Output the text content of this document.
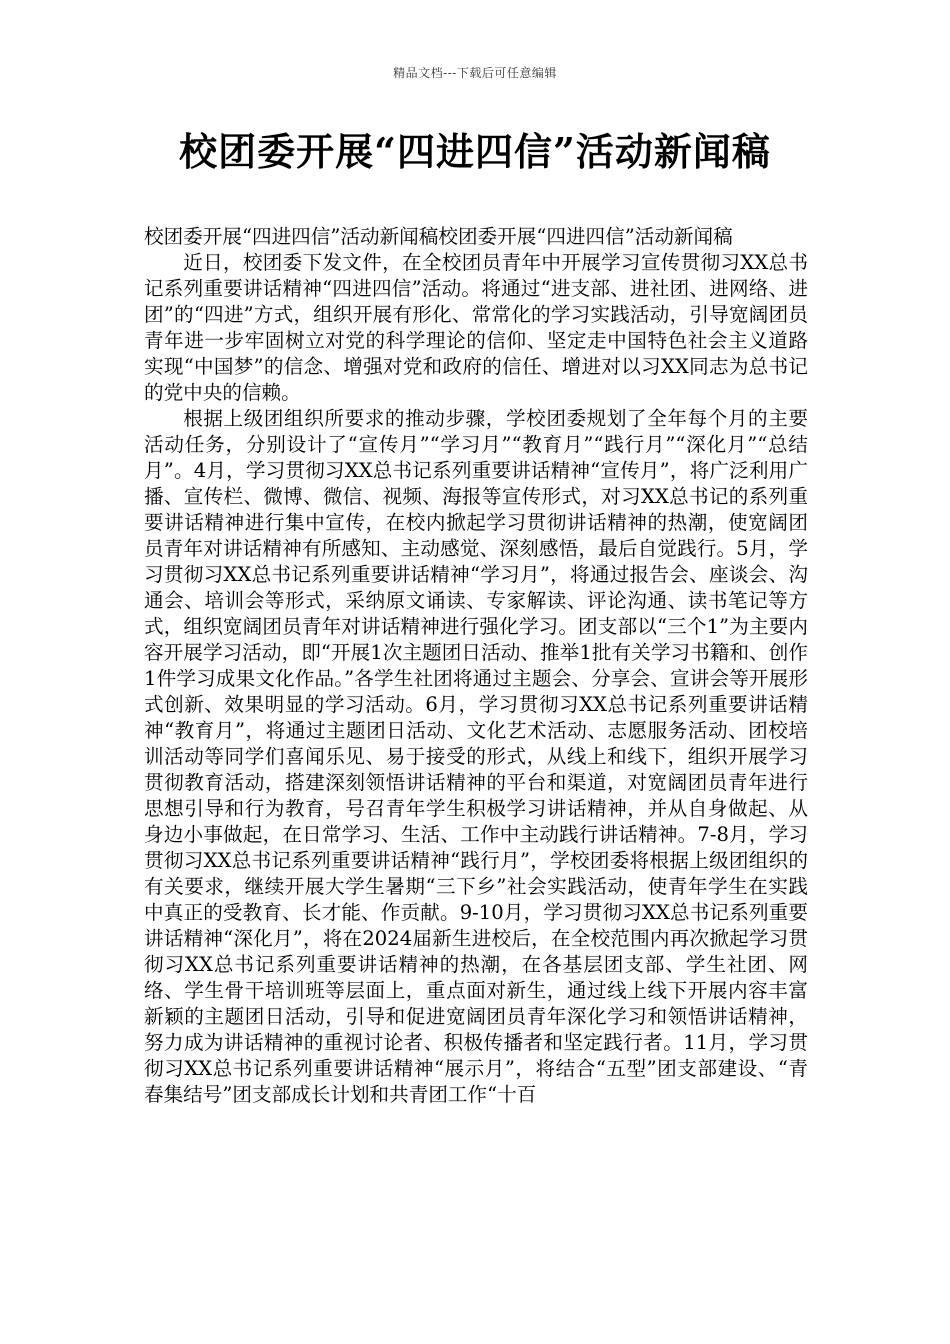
精品文档---下载后可任意编辑
校团委开展“四进四信”活动新闻稿

校团委开展“四进四信”活动新闻稿校团委开展“四进四信”活动新闻稿

近日，校团委下发文件，在全校团员青年中开展学习宣传贯彻习XX总书记系列重要讲话精神“四进四信”活动。将通过“进支部、进社团、进网络、进团”的“四进”方式，组织开展有形化、常常化的学习实践活动，引导宽阔团员青年进一步牢固树立对党的科学理论的信仰、坚定走中国特色社会主义道路实现“中国梦”的信念、增强对党和政府的信任、增进对以习XX同志为总书记的党中央的信赖。

根据上级团组织所要求的推动步骤，学校团委规划了全年每个月的主要活动任务，分别设计了“宣传月”“学习月”“教育月”“践行月”“深化月”“总结月”。4月，学习贯彻习XX总书记系列重要讲话精神“宣传月”，将广泛利用广播、宣传栏、微博、微信、视频、海报等宣传形式，对习XX总书记的系列重要讲话精神进行集中宣传，在校内掀起学习贯彻讲话精神的热潮，使宽阔团员青年对讲话精神有所感知、主动感觉、深刻感悟，最后自觉践行。5月，学习贯彻习XX总书记系列重要讲话精神“学习月”，将通过报告会、座谈会、沟通会、培训会等形式，采纳原文诵读、专家解读、评论沟通、读书笔记等方式，组织宽阔团员青年对讲话精神进行强化学习。团支部以“三个1”为主要内容开展学习活动，即“开展1次主题团日活动、推举1批有关学习书籍和、创作1件学习成果文化作品。”各学生社团将通过主题会、分享会、宣讲会等开展形式创新、效果明显的学习活动。6月，学习贯彻习XX总书记系列重要讲话精神“教育月”，将通过主题团日活动、文化艺术活动、志愿服务活动、团校培训活动等同学们喜闻乐见、易于接受的形式，从线上和线下，组织开展学习贯彻教育活动，搭建深刻领悟讲话精神的平台和渠道，对宽阔团员青年进行思想引导和行为教育，号召青年学生积极学习讲话精神，并从自身做起、从身边小事做起，在日常学习、生活、工作中主动践行讲话精神。7-8月，学习贯彻习XX总书记系列重要讲话精神“践行月”，学校团委将根据上级团组织的有关要求，继续开展大学生暑期“三下乡”社会实践活动，使青年学生在实践中真正的受教育、长才能、作贡献。9-10月，学习贯彻习XX总书记系列重要讲话精神“深化月”，将在2024届新生进校后，在全校范围内再次掀起学习贯彻习XX总书记系列重要讲话精神的热潮，在各基层团支部、学生社团、网络、学生骨干培训班等层面上，重点面对新生，通过线上线下开展内容丰富新颖的主题团日活动，引导和促进宽阔团员青年深化学习和领悟讲话精神，努力成为讲话精神的重视讨论者、积极传播者和坚定践行者。11月，学习贯彻习XX总书记系列重要讲话精神“展示月”，将结合“五型”团支部建设、“青春集结号”团支部成长计划和共青团工作“十百
